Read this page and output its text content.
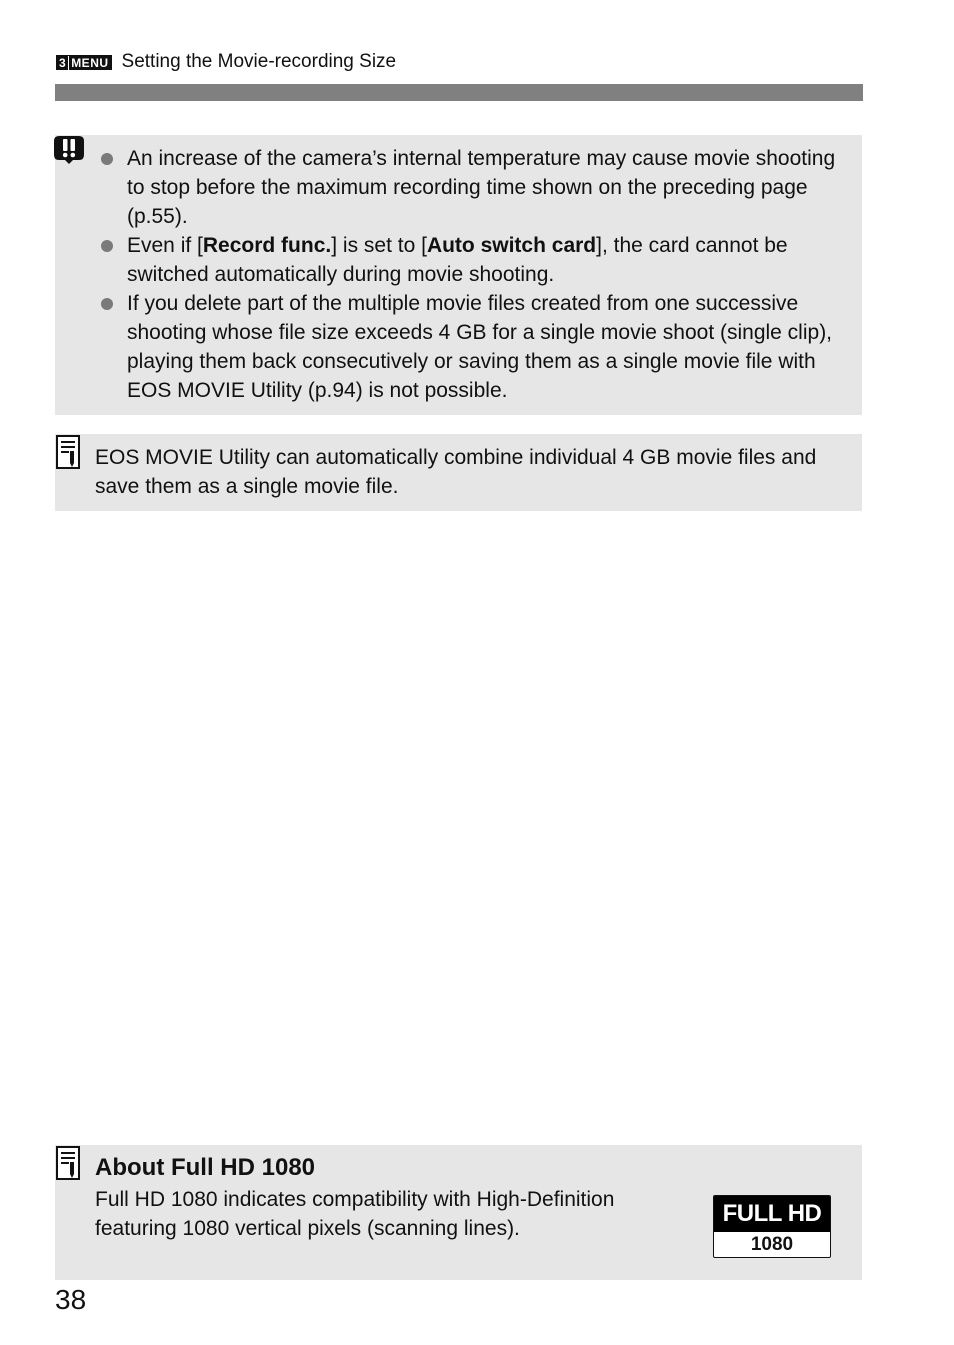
3 MENU Setting the Movie-recording Size
An increase of the camera’s internal temperature may cause movie shooting to stop before the maximum recording time shown on the preceding page (p.55).
Even if [Record func.] is set to [Auto switch card], the card cannot be switched automatically during movie shooting.
If you delete part of the multiple movie files created from one successive shooting whose file size exceeds 4 GB for a single movie shoot (single clip), playing them back consecutively or saving them as a single movie file with EOS MOVIE Utility (p.94) is not possible.
EOS MOVIE Utility can automatically combine individual 4 GB movie files and save them as a single movie file.
About Full HD 1080
Full HD 1080 indicates compatibility with High-Definition featuring 1080 vertical pixels (scanning lines).
FULL HD
1080
38
